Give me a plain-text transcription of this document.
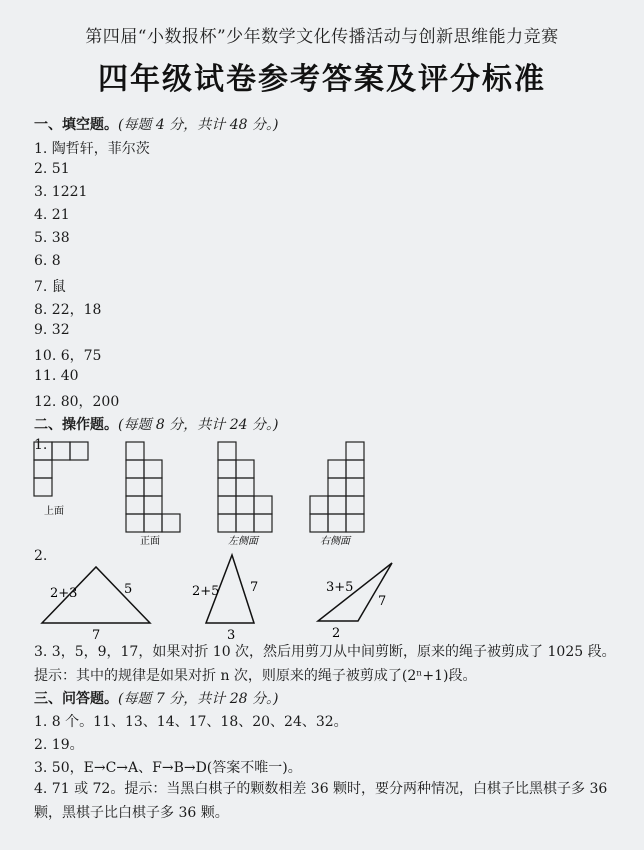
第四届“小数报杯”少年数学文化传播活动与创新思维能力竞赛
四年级试卷参考答案及评分标准
一、填空题。(每题 4 分，共计 48 分。)
1. 陶哲轩，菲尔茨
2. 51
3. 1221
4. 21
5. 38
6. 8
7. 鼠
8. 22，18
9. 32
10. 6，75
11. 40
12. 80，200
二、操作题。(每题 8 分，共计 24 分。)
1.
上面
正面	左侧面	右侧面
2.
2+3	5
7
2+5 7
3
3+5
7
2
3. 3，5，9，17，如果对折 10 次，然后用剪刀从中间剪断，原来的绳子被剪成了 1025 段。提示：其中的规律是如果对折 n 次，则原来的绳子被剪成了(2ⁿ+1)段。
三、问答题。(每题 7 分，共计 28 分。)
1. 8 个。11、13、14、17、18、20、24、32。
2. 19。
3. 50，E→C→A、F→B→D(答案不唯一)。
4. 71 或 72。提示：当黑白棋子的颗数相差 36 颗时，要分两种情况，白棋子比黑棋子多 36 颗，黑棋子比白棋子多 36 颗。
